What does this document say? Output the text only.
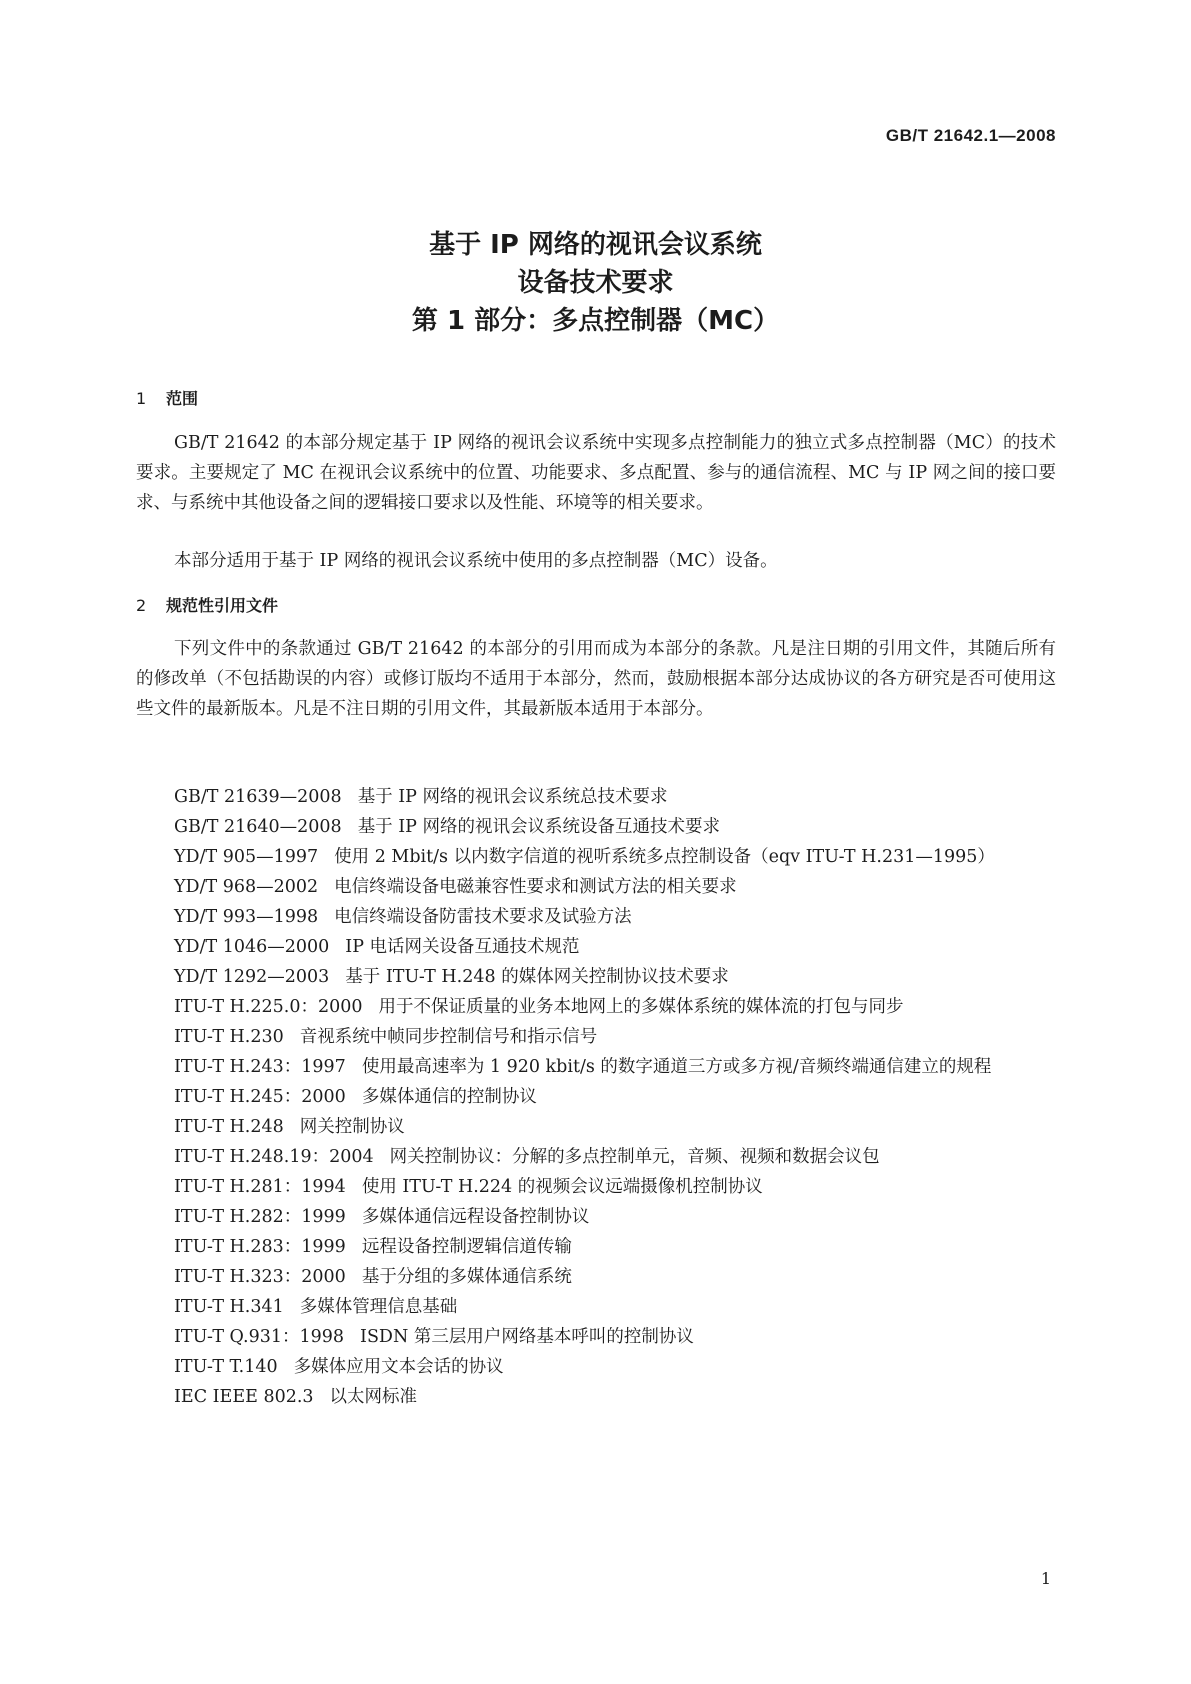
GB/T 21642.1—2008
基于 IP 网络的视讯会议系统
设备技术要求
第 1 部分：多点控制器（MC）
1 范围
GB/T 21642 的本部分规定基于 IP 网络的视讯会议系统中实现多点控制能力的独立式多点控制器（MC）的技术要求。主要规定了 MC 在视讯会议系统中的位置、功能要求、多点配置、参与的通信流程、MC 与 IP 网之间的接口要求、与系统中其他设备之间的逻辑接口要求以及性能、环境等的相关要求。
本部分适用于基于 IP 网络的视讯会议系统中使用的多点控制器（MC）设备。
2 规范性引用文件
下列文件中的条款通过 GB/T 21642 的本部分的引用而成为本部分的条款。凡是注日期的引用文件，其随后所有的修改单（不包括勘误的内容）或修订版均不适用于本部分，然而，鼓励根据本部分达成协议的各方研究是否可使用这些文件的最新版本。凡是不注日期的引用文件，其最新版本适用于本部分。
GB/T 21639—2008 基于 IP 网络的视讯会议系统总技术要求
GB/T 21640—2008 基于 IP 网络的视讯会议系统设备互通技术要求
YD/T 905—1997 使用 2 Mbit/s 以内数字信道的视听系统多点控制设备（eqv ITU-T H.231—1995）
YD/T 968—2002 电信终端设备电磁兼容性要求和测试方法的相关要求
YD/T 993—1998 电信终端设备防雷技术要求及试验方法
YD/T 1046—2000 IP 电话网关设备互通技术规范
YD/T 1292—2003 基于 ITU-T H.248 的媒体网关控制协议技术要求
ITU-T H.225.0：2000 用于不保证质量的业务本地网上的多媒体系统的媒体流的打包与同步
ITU-T H.230 音视系统中帧同步控制信号和指示信号
ITU-T H.243：1997 使用最高速率为 1 920 kbit/s 的数字通道三方或多方视/音频终端通信建立的规程
ITU-T H.245：2000 多媒体通信的控制协议
ITU-T H.248 网关控制协议
ITU-T H.248.19：2004 网关控制协议：分解的多点控制单元，音频、视频和数据会议包
ITU-T H.281：1994 使用 ITU-T H.224 的视频会议远端摄像机控制协议
ITU-T H.282：1999 多媒体通信远程设备控制协议
ITU-T H.283：1999 远程设备控制逻辑信道传输
ITU-T H.323：2000 基于分组的多媒体通信系统
ITU-T H.341 多媒体管理信息基础
ITU-T Q.931：1998 ISDN 第三层用户网络基本呼叫的控制协议
ITU-T T.140 多媒体应用文本会话的协议
IEC IEEE 802.3 以太网标准
1
